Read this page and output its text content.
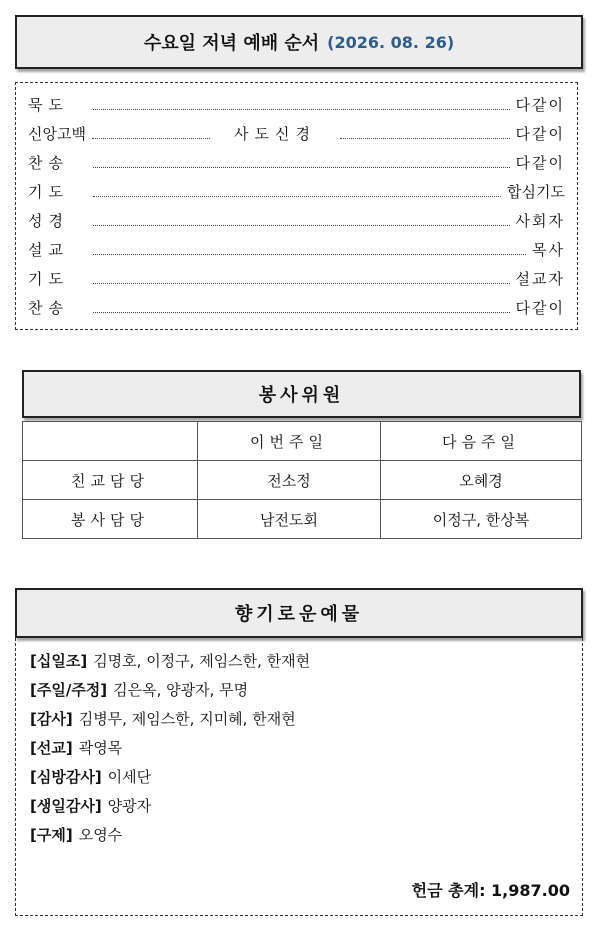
수요일 저녁 예배 순서 (2026. 08. 26)
묵도	다같이
신앙고백	사도신경	다같이
찬송	다같이
기도	합심기도
성경	사회자
설교	목사
기도	설교자
찬송	다같이
봉사위원
	이번주일	다음주일
친교담당	전소정	오혜경
봉사담당	남전도회	이정구, 한상복
향기로운예물
[십일조] 김명호, 이정구, 제임스한, 한재현
[주일/주정] 김은옥, 양광자, 무명
[감사] 김병무, 제임스한, 지미혜, 한재현
[선교] 곽영목
[심방감사] 이세단
[생일감사] 양광자
[구제] 오영수
헌금 총계: 1,987.00
